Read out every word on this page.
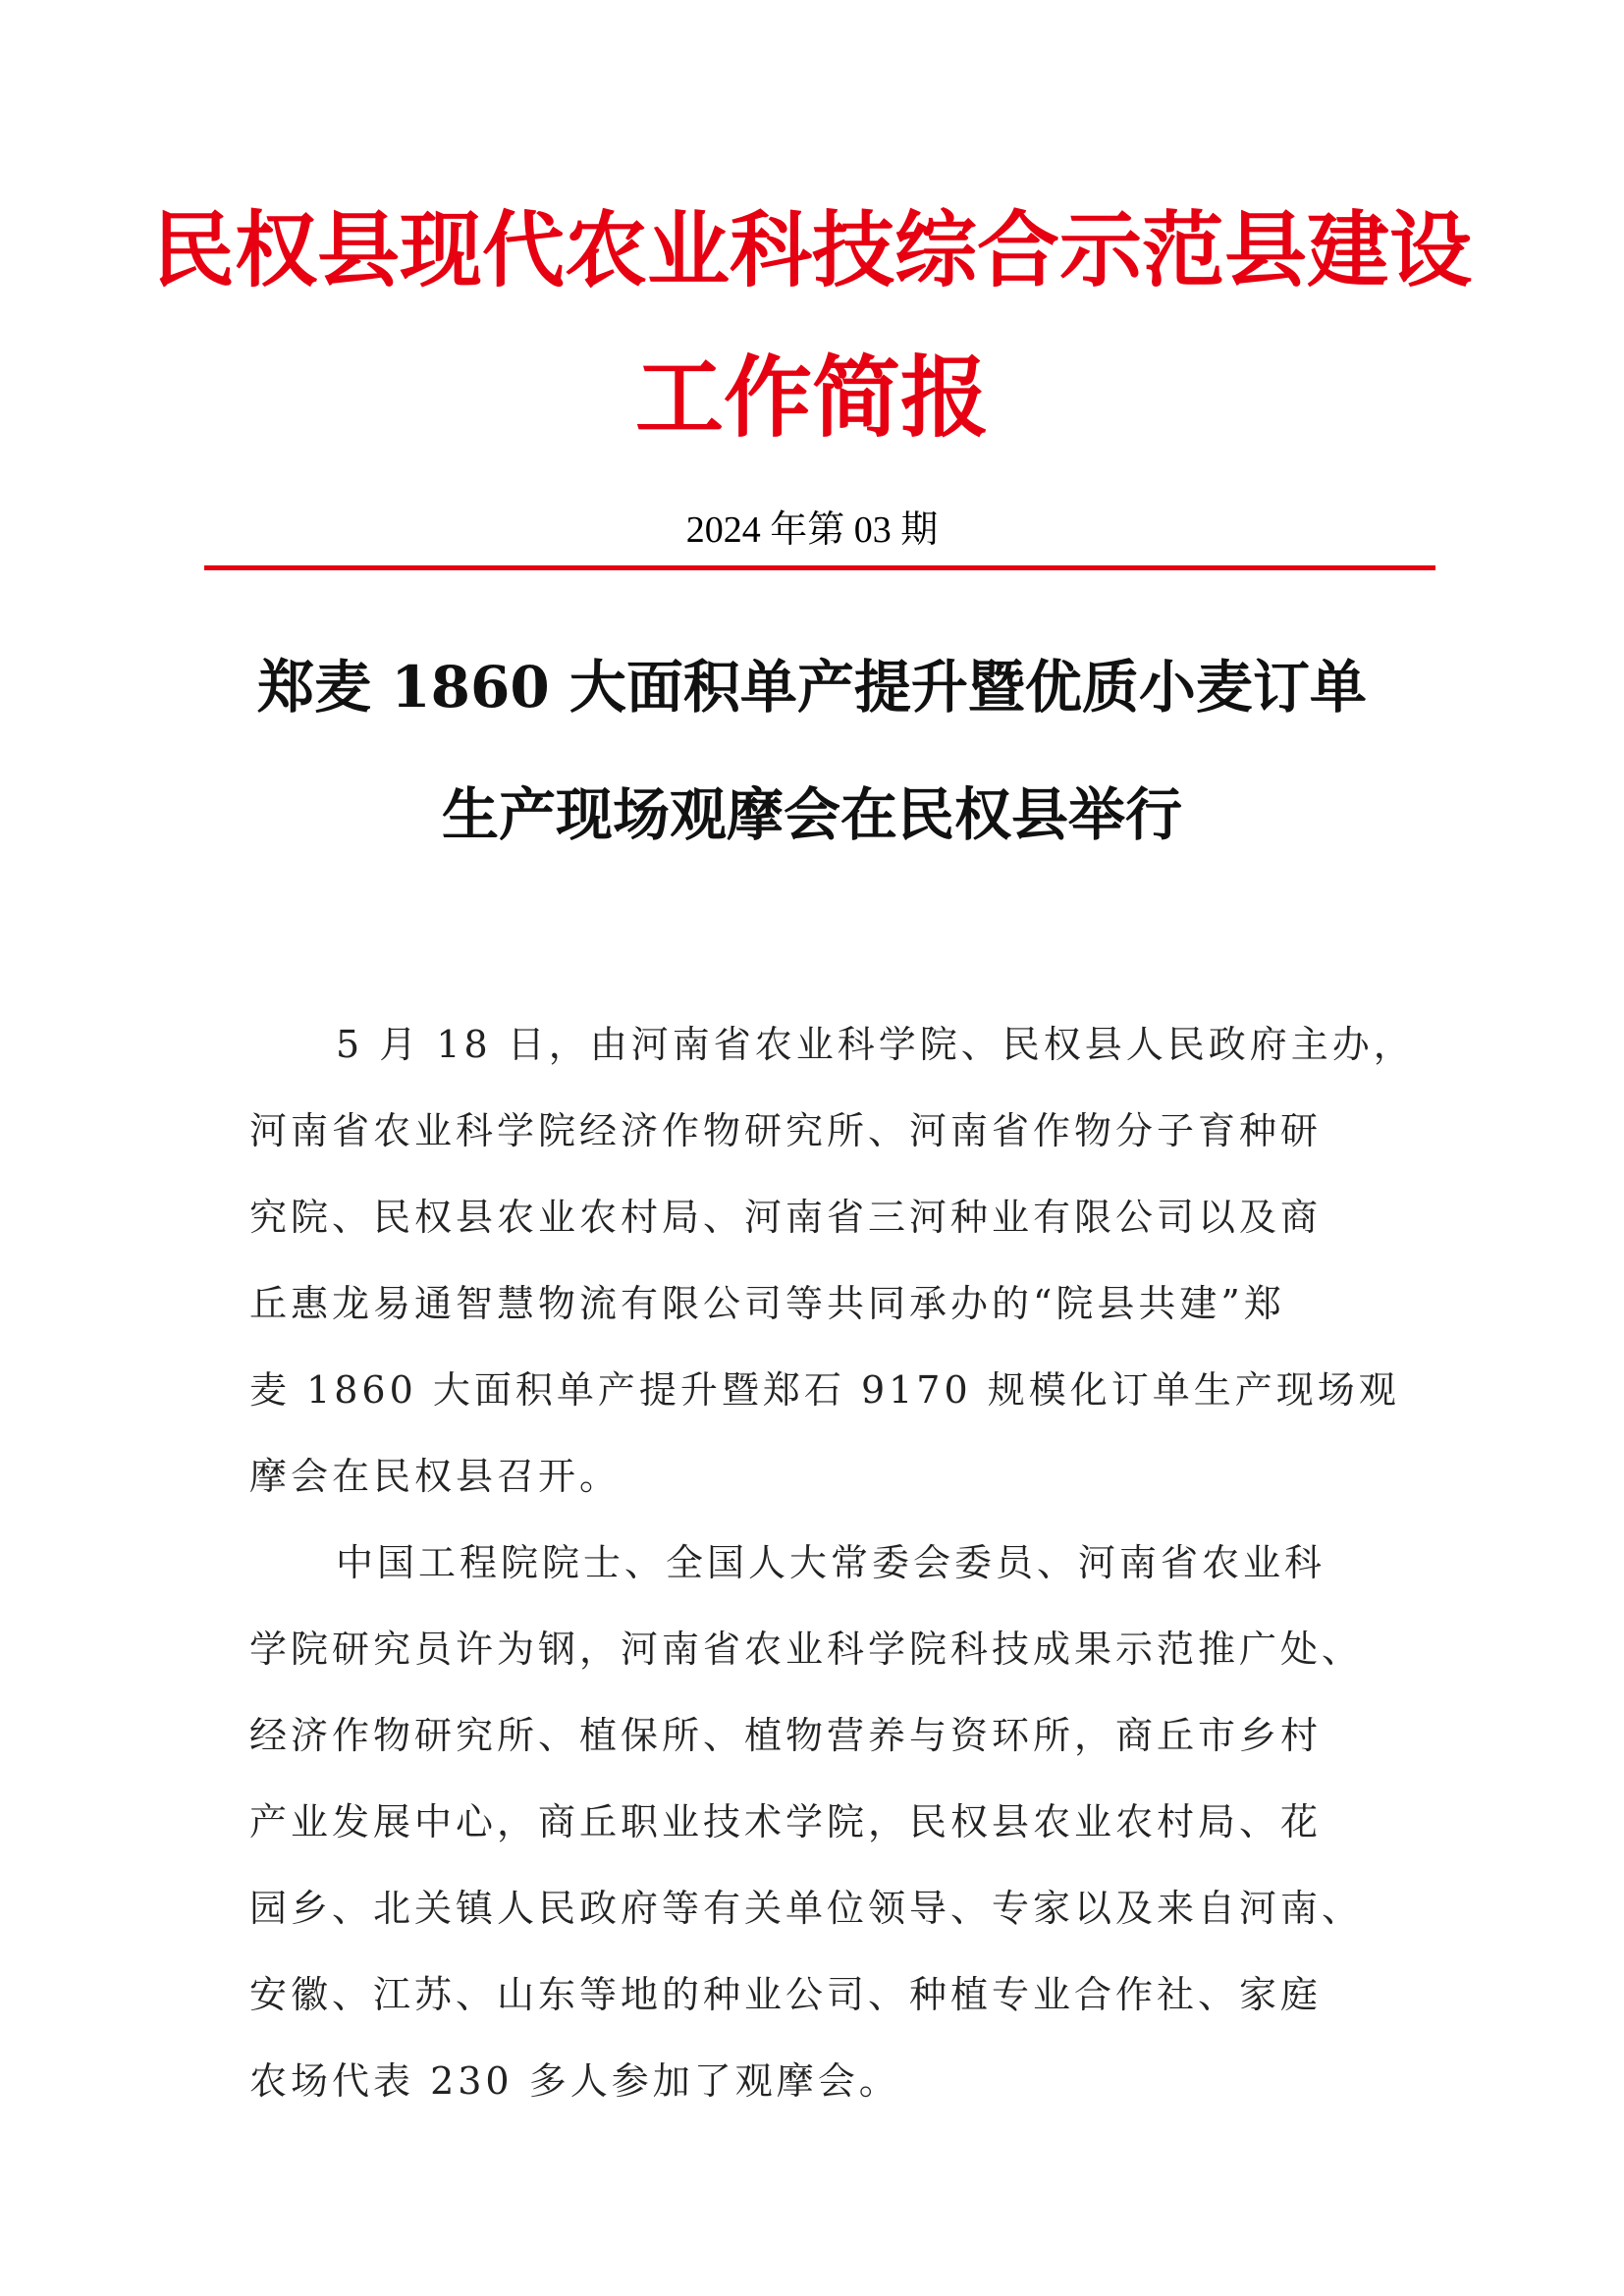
民权县现代农业科技综合示范县建设
工作简报
2024 年第 03 期
郑麦 1860 大面积单产提升暨优质小麦订单
生产现场观摩会在民权县举行
5 月 18 日，由河南省农业科学院、民权县人民政府主办，
河南省农业科学院经济作物研究所、河南省作物分子育种研
究院、民权县农业农村局、河南省三河种业有限公司以及商
丘惠龙易通智慧物流有限公司等共同承办的“院县共建”郑
麦 1860 大面积单产提升暨郑石 9170 规模化订单生产现场观
摩会在民权县召开。
中国工程院院士、全国人大常委会委员、河南省农业科
学院研究员许为钢，河南省农业科学院科技成果示范推广处、
经济作物研究所、植保所、植物营养与资环所，商丘市乡村
产业发展中心，商丘职业技术学院，民权县农业农村局、花
园乡、北关镇人民政府等有关单位领导、专家以及来自河南、
安徽、江苏、山东等地的种业公司、种植专业合作社、家庭
农场代表 230 多人参加了观摩会。
